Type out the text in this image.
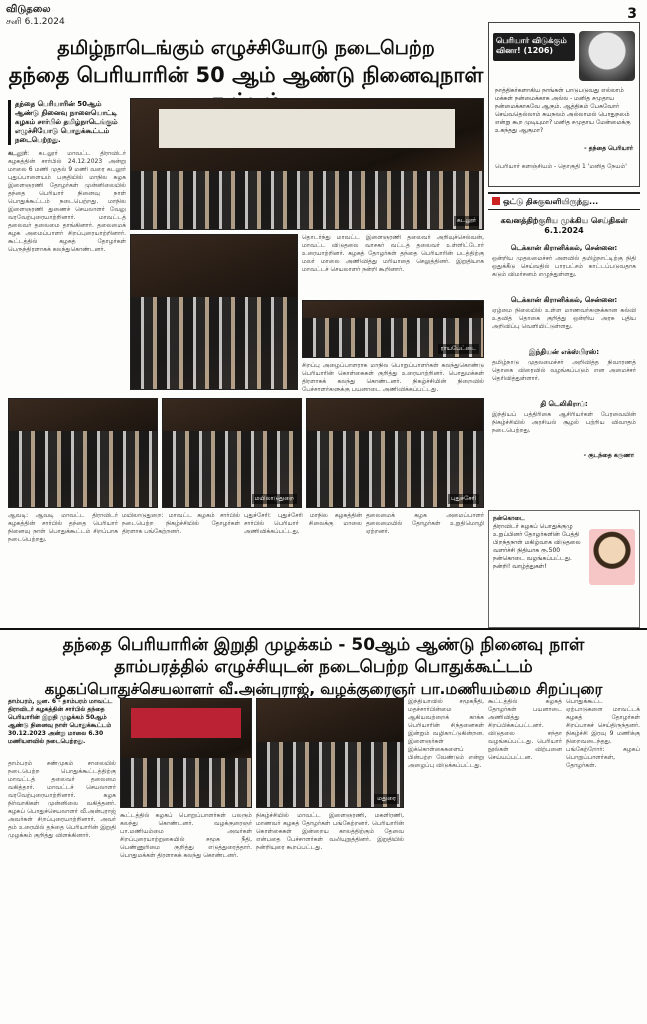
விடுதலை
சனி 6.1.2024	3
தமிழ்நாடெங்கும் எழுச்சியோடு நடைபெற்ற
தந்தை பெரியாரின் 50 ஆம் ஆண்டு நினைவுநாள்
தந்தை பெரியாரின் 50ஆம் ஆண்டு நினைவு நாளையொட்டி கழகம் சார்பில் தமிழ்நாடெங்கும் எழுச்சியோடு பொதுக்கூட்டம் நடைபெற்றது.
கடலூர்: கடலூர் மாவட்ட திராவிடர் கழகத்தின் சார்பில் 24.12.2023 அன்று மாலை 6 மணி முதல் 9 மணி வரை கடலூர் புதுப்பாளையம் பகுதியில் மாநில கழக இளைஞரணி தோழர்கள் முன்னிலையில் தந்தை பெரியார் நினைவு நாள் பொதுக்கூட்டம் நடைபெற்றது. மாநில இளைஞரணி துணைச் செயலாளர் வேலு வரவேற்புரையாற்றினார். மாவட்டத் தலைவர் தலைமை தாங்கினார். தலைமைக் கழக அமைப்பாளர் சிறப்புரையாற்றினார். கூட்டத்தில் கழகத் தோழர்கள் பெருந்திரளாகக் கலந்துகொண்டனர்.
கடலூர்
தொடர்ந்து மாவட்ட இளைஞரணி தலைவர் அறிவுச்செல்வன், மாவட்ட விடுதலை வாசகர் வட்டத் தலைவர் உள்ளிட்டோர் உரையாற்றினர். கழகத் தோழர்கள் தந்தை பெரியாரின் படத்திற்கு மலர் மாலை அணிவித்து மரியாதை செலுத்தினர். இறுதியாக மாவட்டச் செயலாளர் நன்றி கூறினார்.
ராயபேட்டை
சிறப்பு அழைப்பாளராக மாநில பொறுப்பாளர்கள் கலந்துகொண்டு பெரியாரின் கொள்கைகள் குறித்து உரையாற்றினர். பொதுமக்கள் திரளாகக் கலந்து கொண்டனர். நிகழ்ச்சியின் நிறைவில் பேச்சாளர்களுக்கு பயனாடை அணிவிக்கப்பட்டது.
மயிலாடுதுறை	புதுச்சேரி
ஆவடி: ஆவடி மாவட்ட திராவிடர் கழகத்தின் சார்பில் தந்தை பெரியார் நினைவு நாள் பொதுக்கூட்டம் சிறப்பாக நடைபெற்றது.
மயிலாடுதுறை: மாவட்ட கழகம் சார்பில் நடைபெற்ற நிகழ்ச்சியில் தோழர்கள் திரளாக பங்கேற்றனர்.
புதுச்சேரி: புதுச்சேரி மாநில கழகத்தின் சார்பில் பெரியார் சிலைக்கு மாலை அணிவிக்கப்பட்டது.
தலைமைக் கழக அமைப்பாளர் தலைமையில் தோழர்கள் உறுதிமொழி ஏற்றனர்.
பெரியார் விடுக்கும் வினா! (1206)
நாத்திகர்களாகிய நாங்கள் பாடுபடுவது எல்லாம் மக்கள் நன்மைக்காக அல்ல - மனித சமுதாய நன்மைக்காகவே ஆகும். ஆத்திகம் பேசுவோர் செய்வதெல்லாம் சுயநலம் அல்லாமல் பொதுநலம் என்று கூற முடியுமா? மனித சமுதாய மேன்மைக்கு உகந்தது ஆகுமா?
- தந்தை பெரியார்
பெரியார் களஞ்சியம் - தொகுதி 1 'மனித நேயம்'
ஒட்டு திசுகுவளியிருந்து...
கவனத்திற்குரிய முக்கிய செய்திகள் 6.1.2024
டெக்கான் கிரானிக்கல், சென்னை:
ஒன்றிய முதலமைச்சர் அளவில் தமிழ்நாட்டிற்கு நிதி ஒதுக்கீடு செய்வதில் பாரபட்சம் காட்டப்படுவதாக கடும் விமர்சனம் எழுந்துள்ளது.
டெக்கான் கிரானிக்கல், சென்னை:
ஏழ்மை நிலையில் உள்ள மாணவர்களுக்கான கல்வி உதவித் தொகை குறித்து ஒன்றிய அரசு புதிய அறிவிப்பு வெளியிட்டுள்ளது.
இந்தியன் எக்ஸ்பிரஸ்:
தமிழ்நாடு முதலமைச்சர் அறிவித்த நிவாரணத் தொகை விரைவில் வழங்கப்படும் என அமைச்சர் தெரிவித்துள்ளார்.
தி டெலிகிராப்:
இந்தியப் பத்திரிகை ஆசிரியர்கள் பேரவையின் நிகழ்ச்சியில் அரசியல் சூழல் பற்றிய விவாதம் நடைபெற்றது.
- குடந்தை கருணா
நன்கொடை
திராவிடர் கழகப் பொதுக்குழு உறுப்பினர் தோழர்களின் பேத்தி பிறந்தநாள் மகிழ்வாக விடுதலை வளர்ச்சி நிதியாக ரூ.500 நன்கொடை வழங்கப்பட்டது. நன்றி! வாழ்த்துகள்!
தந்தை பெரியாரின் இறுதி முழக்கம் - 50ஆம் ஆண்டு நினைவு நாள்
தாம்பரத்தில் எழுச்சியுடன் நடைபெற்ற பொதுக்கூட்டம்
கழகப்பொதுச்செயலாளர் வீ.அன்புராஜ், வழக்குரைஞர் பா.மணியம்மை சிறப்புரை
தாம்பரம், ஜன. 6 - தாம்பரம் மாவட்ட திராவிடர் கழகத்தின் சார்பில் தந்தை பெரியாரின் இறுதி முழக்கம் 50ஆம் ஆண்டு நினைவு நாள் பொதுக்கூட்டம் 30.12.2023 அன்று மாலை 6.30 மணியளவில் நடைபெற்றது.
மதுரை
தாம்பரம் சண்முகம் சாலையில் நடைபெற்ற பொதுக்கூட்டத்திற்கு மாவட்டத் தலைவர் தலைமை வகித்தார். மாவட்டச் செயலாளர் வரவேற்புரையாற்றினார். கழக நிர்வாகிகள் முன்னிலை வகித்தனர். கழகப் பொதுச்செயலாளர் வீ.அன்புராஜ் அவர்கள் சிறப்புரையாற்றினார். அவர் தம் உரையில் தந்தை பெரியாரின் இறுதி முழக்கம் குறித்து விளக்கினார்.
கூட்டத்தில் கழகப் பொறுப்பாளர்கள் பலரும் கலந்து கொண்டனர். வழக்குரைஞர் பா.மணியம்மை அவர்கள் சிறப்புரையாற்றுகையில் சமூக நீதி, பெண்ணுரிமை குறித்து எடுத்துரைத்தார். பொதுமக்கள் திரளாகக் கலந்து கொண்டனர்.
நிகழ்ச்சியில் மாவட்ட இளைஞரணி, மகளிரணி, மாணவர் கழகத் தோழர்கள் பங்கேற்றனர். பெரியாரின் கொள்கைகள் இன்றைய காலத்திற்கும் தேவை என்பதை பேச்சாளர்கள் வலியுறுத்தினர். இறுதியில் நன்றியுரை கூறப்பட்டது.
இந்தியாவில் சமூகநீதி, மதச்சார்பின்மை ஆகியவற்றைக் காக்க பெரியாரின் சிந்தனைகள் இன்றும் வழிகாட்டுகின்றன. இளைஞர்கள் இக்கொள்கைகளைப் பின்பற்ற வேண்டும் என்று அழைப்பு விடுக்கப்பட்டது.
கூட்டத்தில் கழகத் தோழர்கள் பயனாடை அணிவித்து சிறப்பிக்கப்பட்டனர். விடுதலை சந்தா வழங்கப்பட்டது. பெரியார் நூல்கள் விற்பனை செய்யப்பட்டன.
பொதுக்கூட்ட ஏற்பாடுகளை மாவட்டக் கழகத் தோழர்கள் சிறப்பாகச் செய்திருந்தனர். நிகழ்ச்சி இரவு 9 மணிக்கு நிறைவடைந்தது. பங்கேற்றோர்: கழகப் பொறுப்பாளர்கள், தோழர்கள்.
